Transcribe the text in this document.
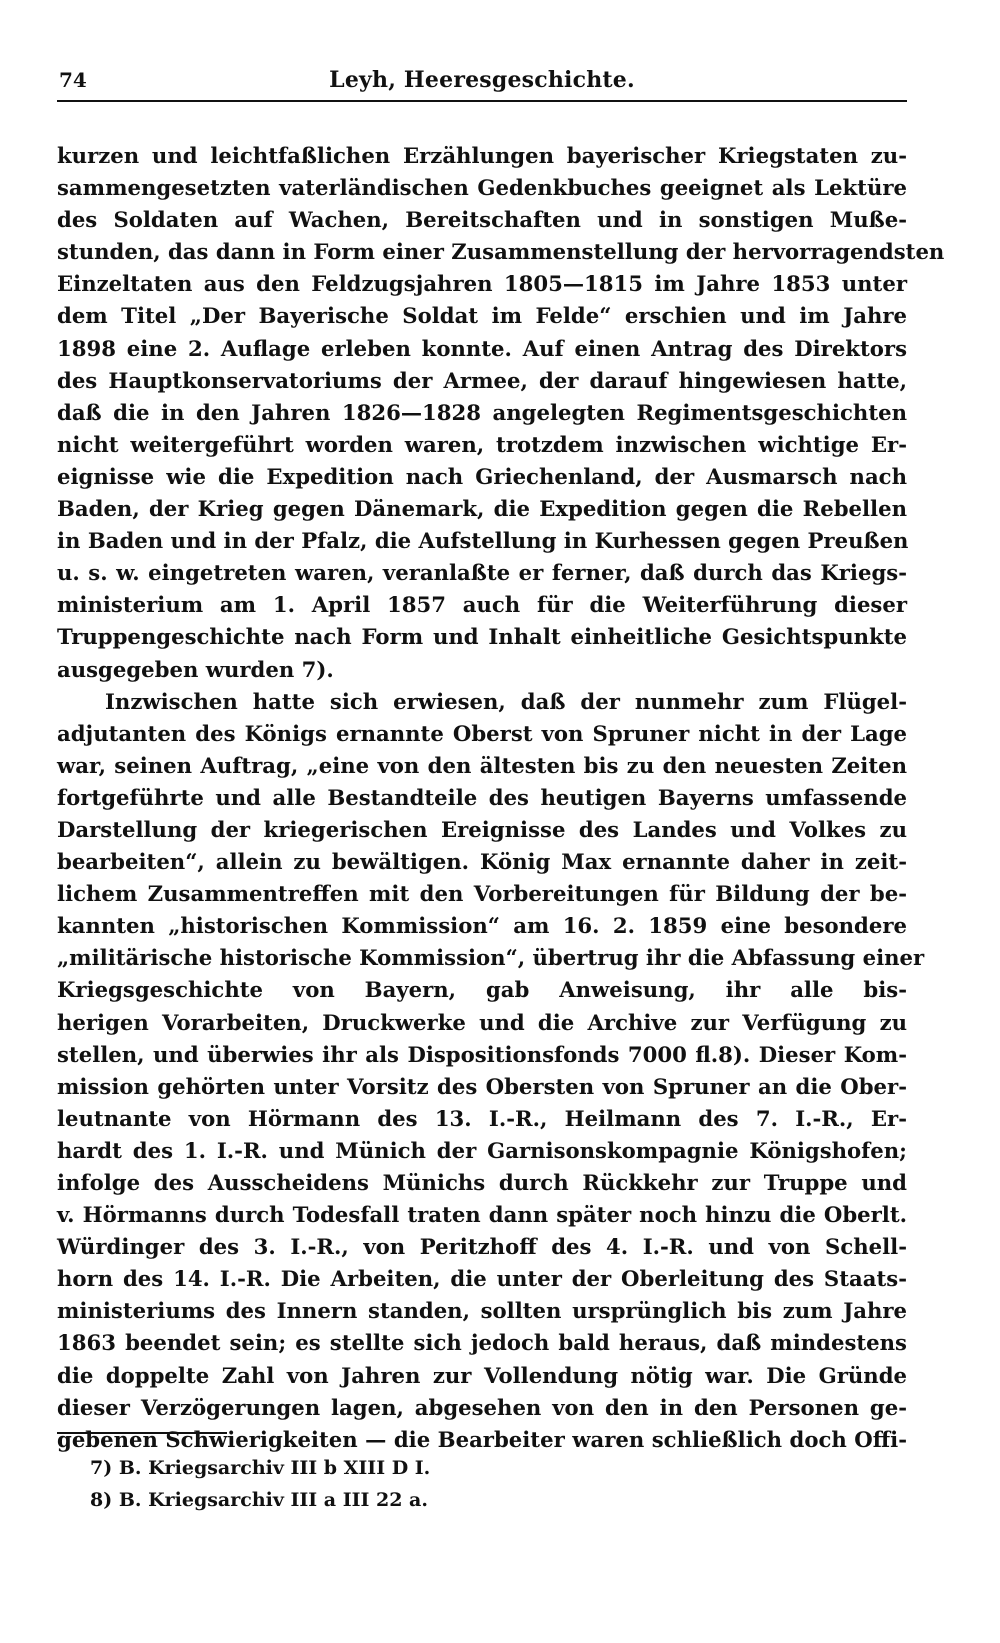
74	Leyh, Heeresgeschichte.
kurzen und leichtfaßlichen Erzählungen bayerischer Kriegstaten zu-
sammengesetzten vaterländischen Gedenkbuches geeignet als Lektüre
des Soldaten auf Wachen, Bereitschaften und in sonstigen Muße-
stunden, das dann in Form einer Zusammenstellung der hervorragendsten
Einzeltaten aus den Feldzugsjahren 1805—1815 im Jahre 1853 unter
dem Titel „Der Bayerische Soldat im Felde“ erschien und im Jahre
1898 eine 2. Auflage erleben konnte. Auf einen Antrag des Direktors
des Hauptkonservatoriums der Armee, der darauf hingewiesen hatte,
daß die in den Jahren 1826—1828 angelegten Regimentsgeschichten
nicht weitergeführt worden waren, trotzdem inzwischen wichtige Er-
eignisse wie die Expedition nach Griechenland, der Ausmarsch nach
Baden, der Krieg gegen Dänemark, die Expedition gegen die Rebellen
in Baden und in der Pfalz, die Aufstellung in Kurhessen gegen Preußen
u. s. w. eingetreten waren, veranlaßte er ferner, daß durch das Kriegs-
ministerium am 1. April 1857 auch für die Weiterführung dieser
Truppengeschichte nach Form und Inhalt einheitliche Gesichtspunkte
ausgegeben wurden 7).
Inzwischen hatte sich erwiesen, daß der nunmehr zum Flügel-
adjutanten des Königs ernannte Oberst von Spruner nicht in der Lage
war, seinen Auftrag, „eine von den ältesten bis zu den neuesten Zeiten
fortgeführte und alle Bestandteile des heutigen Bayerns umfassende
Darstellung der kriegerischen Ereignisse des Landes und Volkes zu
bearbeiten“, allein zu bewältigen. König Max ernannte daher in zeit-
lichem Zusammentreffen mit den Vorbereitungen für Bildung der be-
kannten „historischen Kommission“ am 16. 2. 1859 eine besondere
„militärische historische Kommission“, übertrug ihr die Abfassung einer
Kriegsgeschichte von Bayern, gab Anweisung, ihr alle bis-
herigen Vorarbeiten, Druckwerke und die Archive zur Verfügung zu
stellen, und überwies ihr als Dispositionsfonds 7000 fl.8). Dieser Kom-
mission gehörten unter Vorsitz des Obersten von Spruner an die Ober-
leutnante von Hörmann des 13. I.-R., Heilmann des 7. I.-R., Er-
hardt des 1. I.-R. und Münich der Garnisonskompagnie Königshofen;
infolge des Ausscheidens Münichs durch Rückkehr zur Truppe und
v. Hörmanns durch Todesfall traten dann später noch hinzu die Oberlt.
Würdinger des 3. I.-R., von Peritzhoff des 4. I.-R. und von Schell-
horn des 14. I.-R. Die Arbeiten, die unter der Oberleitung des Staats-
ministeriums des Innern standen, sollten ursprünglich bis zum Jahre
1863 beendet sein; es stellte sich jedoch bald heraus, daß mindestens
die doppelte Zahl von Jahren zur Vollendung nötig war. Die Gründe
dieser Verzögerungen lagen, abgesehen von den in den Personen ge-
gebenen Schwierigkeiten — die Bearbeiter waren schließlich doch Offi-
7) B. Kriegsarchiv III b XIII D I.
8) B. Kriegsarchiv III a III 22 a.
